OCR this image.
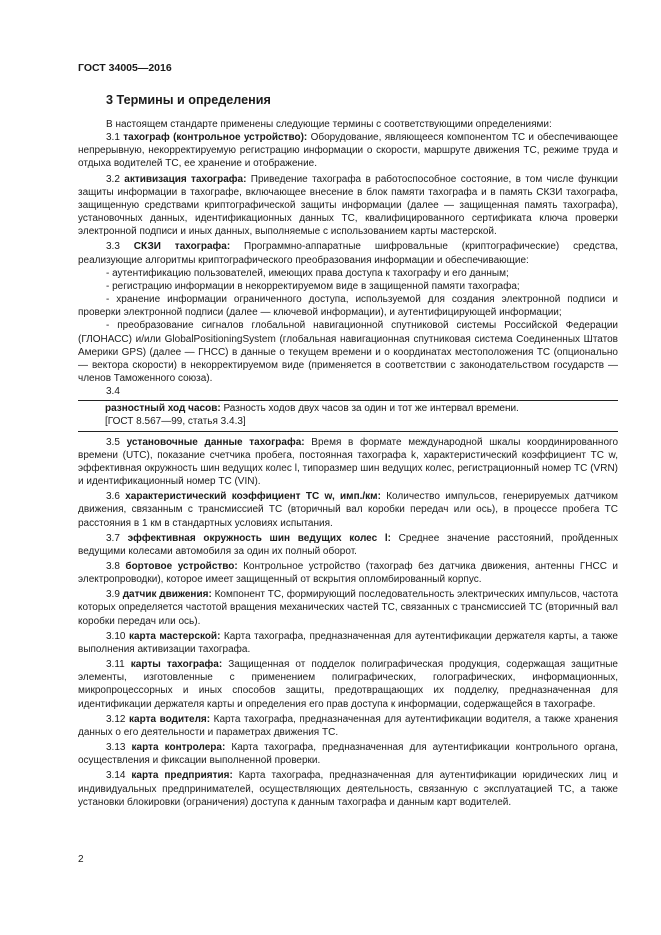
ГОСТ 34005—2016
3 Термины и определения

В настоящем стандарте применены следующие термины с соответствующими определениями:

3.1 тахограф (контрольное устройство): Оборудование, являющееся компонентом ТС и обеспечивающее непрерывную, некорректируемую регистрацию информации о скорости, маршруте движения ТС, режиме труда и отдыха водителей ТС, ее хранение и отображение.

3.2 активизация тахографа: Приведение тахографа в работоспособное состояние, в том числе функции защиты информации в тахографе, включающее внесение в блок памяти тахографа и в память СКЗИ тахографа, защищенную средствами криптографической защиты информации (далее — защищенная память тахографа), установочных данных, идентификационных данных ТС, квалифицированного сертификата ключа проверки электронной подписи и иных данных, выполняемые с использованием карты мастерской.

3.3 СКЗИ тахографа: Программно-аппаратные шифровальные (криптографические) средства, реализующие алгоритмы криптографического преобразования информации и обеспечивающие:

- аутентификацию пользователей, имеющих права доступа к тахографу и его данным;

- регистрацию информации в некорректируемом виде в защищенной памяти тахографа;

- хранение информации ограниченного доступа, используемой для создания электронной подписи и проверки электронной подписи (далее — ключевой информации), и аутентифицирующей информации;

- преобразование сигналов глобальной навигационной спутниковой системы Российской Федерации (ГЛОНАСС) и/или GlobalPositioningSystem (глобальная навигационная спутниковая система Соединенных Штатов Америки GPS) (далее — ГНСС) в данные о текущем времени и о координатах местоположения ТС (опционально — вектора скорости) в некорректируемом виде (применяется в соответствии с законодательством государств — членов Таможенного союза).

3.4

разностный ход часов: Разность ходов двух часов за один и тот же интервал времени.
[ГОСТ 8.567—99, статья 3.4.3]

3.5 установочные данные тахографа: Время в формате международной шкалы координированного времени (UTC), показание счетчика пробега, постоянная тахографа k, характеристический коэффициент ТС w, эффективная окружность шин ведущих колес l, типоразмер шин ведущих колес, регистрационный номер ТС (VRN) и идентификационный номер ТС (VIN).

3.6 характеристический коэффициент ТС w, имп./км: Количество импульсов, генерируемых датчиком движения, связанным с трансмиссией ТС (вторичный вал коробки передач или ось), в процессе пробега ТС расстояния в 1 км в стандартных условиях испытания.

3.7 эффективная окружность шин ведущих колес l: Среднее значение расстояний, пройденных ведущими колесами автомобиля за один их полный оборот.

3.8 бортовое устройство: Контрольное устройство (тахограф без датчика движения, антенны ГНСС и электропроводки), которое имеет защищенный от вскрытия опломбированный корпус.

3.9 датчик движения: Компонент ТС, формирующий последовательность электрических импульсов, частота которых определяется частотой вращения механических частей ТС, связанных с трансмиссией ТС (вторичный вал коробки передач или ось).

3.10 карта мастерской: Карта тахографа, предназначенная для аутентификации держателя карты, а также выполнения активизации тахографа.

3.11 карты тахографа: Защищенная от подделок полиграфическая продукция, содержащая защитные элементы, изготовленные с применением полиграфических, голографических, информационных, микропроцессорных и иных способов защиты, предотвращающих их подделку, предназначенная для идентификации держателя карты и определения его прав доступа к информации, содержащейся в тахографе.

3.12 карта водителя: Карта тахографа, предназначенная для аутентификации водителя, а также хранения данных о его деятельности и параметрах движения ТС.

3.13 карта контролера: Карта тахографа, предназначенная для аутентификации контрольного органа, осуществления и фиксации выполненной проверки.

3.14 карта предприятия: Карта тахографа, предназначенная для аутентификации юридических лиц и индивидуальных предпринимателей, осуществляющих деятельность, связанную с эксплуатацией ТС, а также установки блокировки (ограничения) доступа к данным тахографа и данным карт водителей.

2
